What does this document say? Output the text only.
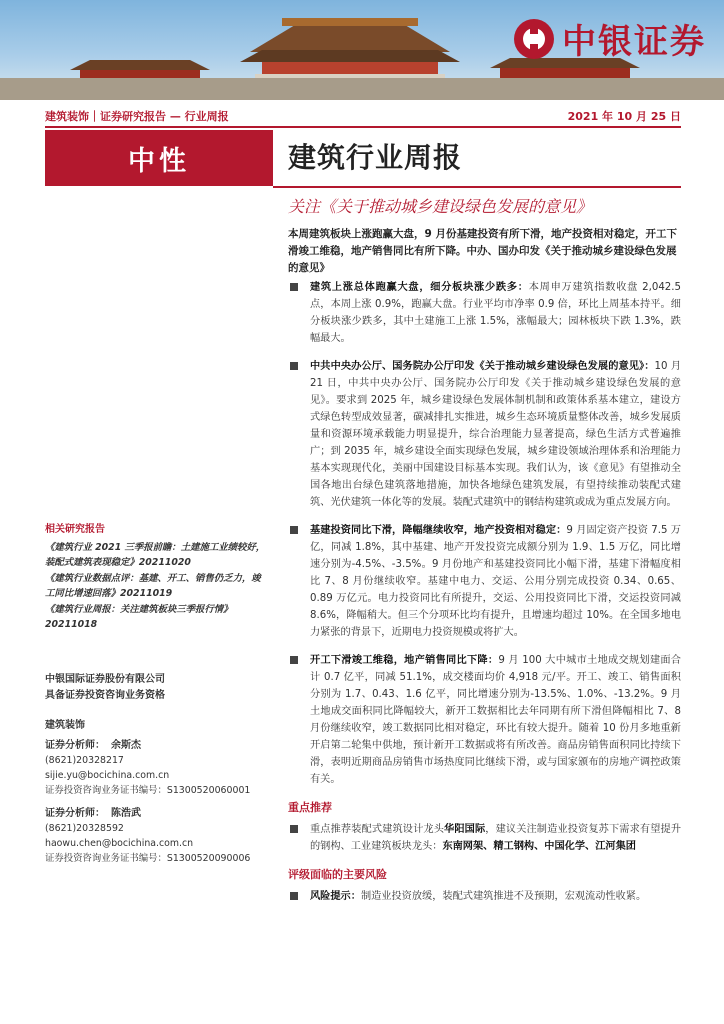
中银证券
建筑装饰｜证券研究报告 — 行业周报	2021 年 10 月 25 日
中性	建筑行业周报
关注《关于推动城乡建设绿色发展的意见》
本周建筑板块上涨跑赢大盘，9 月份基建投资有所下滑，地产投资相对稳定，开工下滑竣工维稳，地产销售同比有所下降。中办、国办印发《关于推动城乡建设绿色发展的意见》
建筑上涨总体跑赢大盘，细分板块涨少跌多：本周申万建筑指数收盘 2,042.5 点，本周上涨 0.9%，跑赢大盘。行业平均市净率 0.9 倍，环比上周基本持平。细分板块涨少跌多，其中土建施工上涨 1.5%，涨幅最大；园林板块下跌 1.3%，跌幅最大。
中共中央办公厅、国务院办公厅印发《关于推动城乡建设绿色发展的意见》：10 月 21 日，中共中央办公厅、国务院办公厅印发《关于推动城乡建设绿色发展的意见》。要求到 2025 年，城乡建设绿色发展体制机制和政策体系基本建立，建设方式绿色转型成效显著，碳减排扎实推进，城乡生态环境质量整体改善，城乡发展质量和资源环境承载能力明显提升，综合治理能力显著提高，绿色生活方式普遍推广；到 2035 年，城乡建设全面实现绿色发展，城乡建设领域治理体系和治理能力基本实现现代化，美丽中国建设目标基本实现。我们认为，该《意见》有望推动全国各地出台绿色建筑落地措施，加快各地绿色建筑发展，有望持续推动装配式建筑、光伏建筑一体化等的发展。装配式建筑中的钢结构建筑或成为重点发展方向。
基建投资同比下滑，降幅继续收窄，地产投资相对稳定：9 月固定资产投资 7.5 万亿，同减 1.8%，其中基建、地产开发投资完成额分别为 1.9、1.5 万亿，同比增速分别为-4.5%、-3.5%。9 月份地产和基建投资同比小幅下滑，基建下滑幅度相比 7、8 月份继续收窄。基建中电力、交运、公用分别完成投资 0.34、0.65、0.89 万亿元。电力投资同比有所提升，交运、公用投资同比下滑，交运投资同减 8.6%，降幅稍大。但三个分项环比均有提升，且增速均超过 10%。在全国多地电力紧张的背景下，近期电力投资规模或将扩大。
开工下滑竣工维稳，地产销售同比下降：9 月 100 大中城市土地成交规划建面合计 0.7 亿平，同减 51.1%，成交楼面均价 4,918 元/平。开工、竣工、销售面积分别为 1.7、0.43、1.6 亿平，同比增速分别为-13.5%、1.0%、-13.2%。9 月土地成交面积同比降幅较大，新开工数据相比去年同期有所下滑但降幅相比 7、8 月份继续收窄，竣工数据同比相对稳定，环比有较大提升。随着 10 份月多地重新开启第二轮集中供地，预计新开工数据或将有所改善。商品房销售面积同比持续下滑，表明近期商品房销售市场热度同比继续下滑，或与国家颁布的房地产调控政策有关。
重点推荐
重点推荐装配式建筑设计龙头华阳国际，建议关注制造业投资复苏下需求有望提升的钢构、工业建筑板块龙头：东南网架、精工钢构、中国化学、江河集团
评级面临的主要风险
风险提示：制造业投资放缓，装配式建筑推进不及预期，宏观流动性收紧。
相关研究报告
《建筑行业 2021 三季报前瞻：土建施工业绩较好，装配式建筑表现稳定》20211020
《建筑行业数据点评：基建、开工、销售仍乏力，竣工同比增速回落》20211019
《建筑行业周报：关注建筑板块三季报行情》20211018
中银国际证券股份有限公司
具备证券投资咨询业务资格
建筑装饰
证券分析师： 余斯杰
(8621)20328217
sijie.yu@bocichina.com.cn
证券投资咨询业务证书编号：S1300520060001
证券分析师： 陈浩武
(8621)20328592
haowu.chen@bocichina.com.cn
证券投资咨询业务证书编号：S1300520090006
